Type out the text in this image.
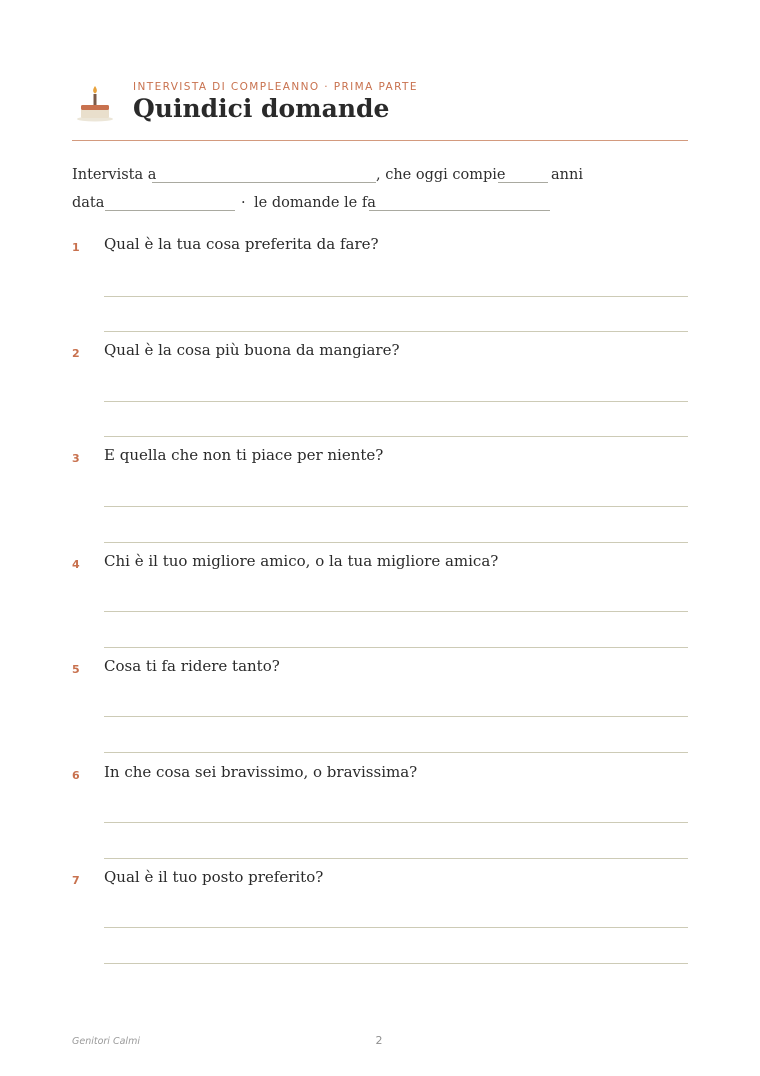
INTERVISTA DI COMPLEANNO · PRIMA PARTE
Quindici domande
Intervista a	, che oggi compie	anni
data	· le domande le fa
1 Qual è la tua cosa preferita da fare?
2 Qual è la cosa più buona da mangiare?
3 E quella che non ti piace per niente?
4 Chi è il tuo migliore amico, o la tua migliore amica?
5 Cosa ti fa ridere tanto?
6 In che cosa sei bravissimo, o bravissima?
7 Qual è il tuo posto preferito?
Genitori Calmi	2
